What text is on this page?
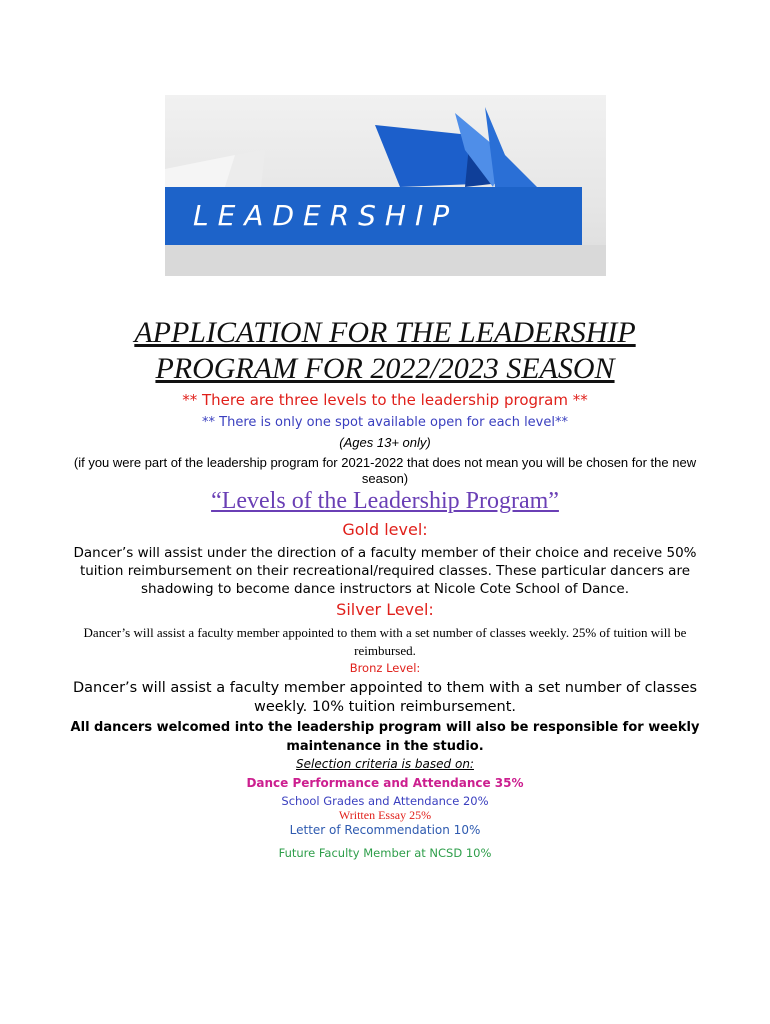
LEADERSHIP
APPLICATION FOR THE LEADERSHIP
PROGRAM FOR 2022/2023 SEASON
** There are three levels to the leadership program **
** There is only one spot available open for each level**
(Ages 13+ only)
(if you were part of the leadership program for 2021-2022 that does not mean you will be chosen for the new season)
“Levels of the Leadership Program”
Gold level:
Dancer’s will assist under the direction of a faculty member of their choice and receive 50% tuition reimbursement on their recreational/required classes. These particular dancers are shadowing to become dance instructors at Nicole Cote School of Dance.
Silver Level:
Dancer’s will assist a faculty member appointed to them with a set number of classes weekly. 25% of tuition will be reimbursed.
Bronz Level:
Dancer’s will assist a faculty member appointed to them with a set number of classes weekly. 10% tuition reimbursement.
All dancers welcomed into the leadership program will also be responsible for weekly maintenance in the studio.
Selection criteria is based on:
Dance Performance and Attendance 35%
School Grades and Attendance 20%
Written Essay 25%
Letter of Recommendation 10%
Future Faculty Member at NCSD 10%
